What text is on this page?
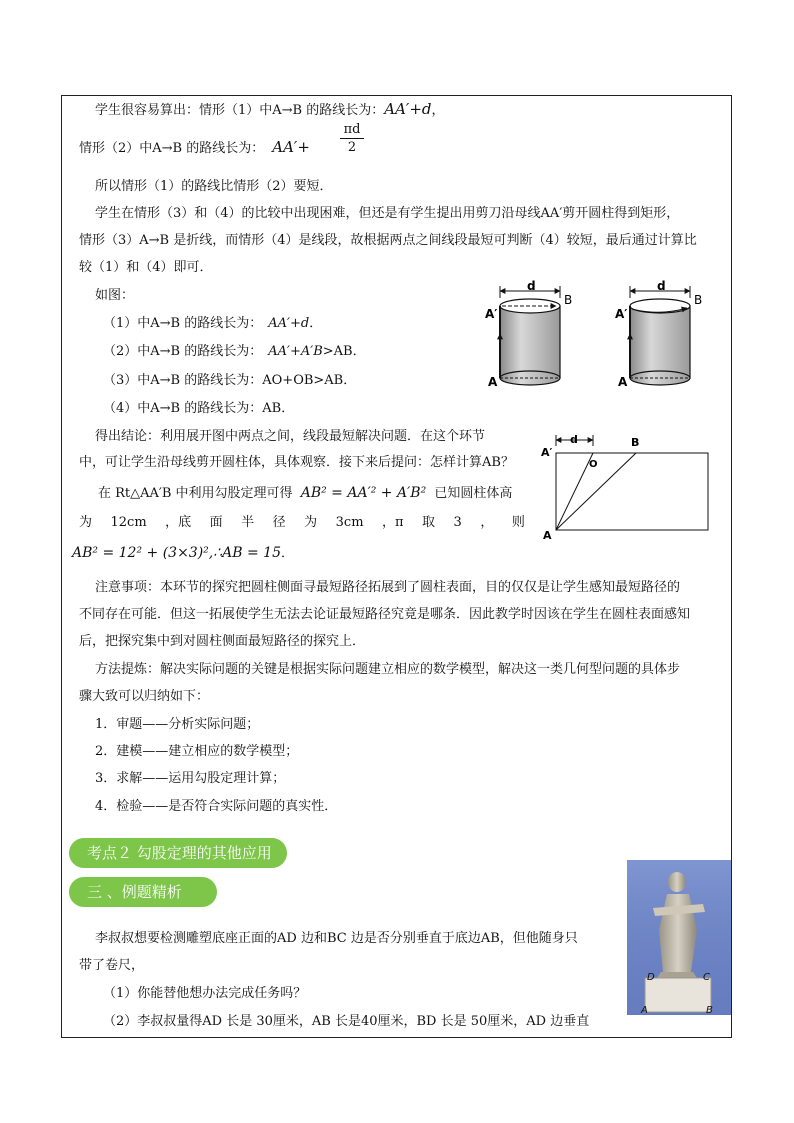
学生很容易算出：情形（1）中A→B 的路线长为：AA′+d，
情形（2）中A→B 的路线长为： $AA'+ \frac{\pi d}{2}$
所以情形（1）的路线比情形（2）要短．
学生在情形（3）和（4）的比较中出现困难，但还是有学生提出用剪刀沿母线AA′剪开圆柱得到矩形，
情形（3）A→B 是折线，而情形（4）是线段，故根据两点之间线段最短可判断（4）较短，最后通过计算比
较（1）和（4）即可．
如图：
（1）中A→B 的路线长为： AA′+d．
（2）中A→B 的路线长为： AA′+A′B>AB．
（3）中A→B 的路线长为：AO+OB>AB．
（4）中A→B 的路线长为：AB．
d
B
A′
A
d
B
A′
A
得出结论：利用展开图中两点之间，线段最短解决问题．在这个环节
中，可让学生沿母线剪开圆柱体，具体观察．接下来后提问：怎样计算AB？
d	B
A′
O
A
在 Rt△AA′B 中利用勾股定理可得 AB² = AA′² + A′B² 已知圆柱体高
为 12cm ，底 面 半 径 为 3cm ，π 取 3 ， 则
AB² = 12² + (3×3)²,∴AB = 15．
注意事项：本环节的探究把圆柱侧面寻最短路径拓展到了圆柱表面，目的仅仅是让学生感知最短路径的
不同存在可能．但这一拓展使学生无法去论证最短路径究竟是哪条．因此教学时因该在学生在圆柱表面感知
后，把探究集中到对圆柱侧面最短路径的探究上．
方法提炼：解决实际问题的关键是根据实际问题建立相应的数学模型，解决这一类几何型问题的具体步
骤大致可以归纳如下：
1．审题——分析实际问题；
2．建模——建立相应的数学模型；
3．求解——运用勾股定理计算；
4．检验——是否符合实际问题的真实性．
考点２ 勾股定理的其他应用
三 、例题精析
D	C
A	B
李叔叔想要检测雕塑底座正面的AD 边和BC 边是否分别垂直于底边AB，但他随身只
带了卷尺，
（1）你能替他想办法完成任务吗？
（2）李叔叔量得AD 长是 30厘米，AB 长是40厘米，BD 长是 50厘米，AD 边垂直
